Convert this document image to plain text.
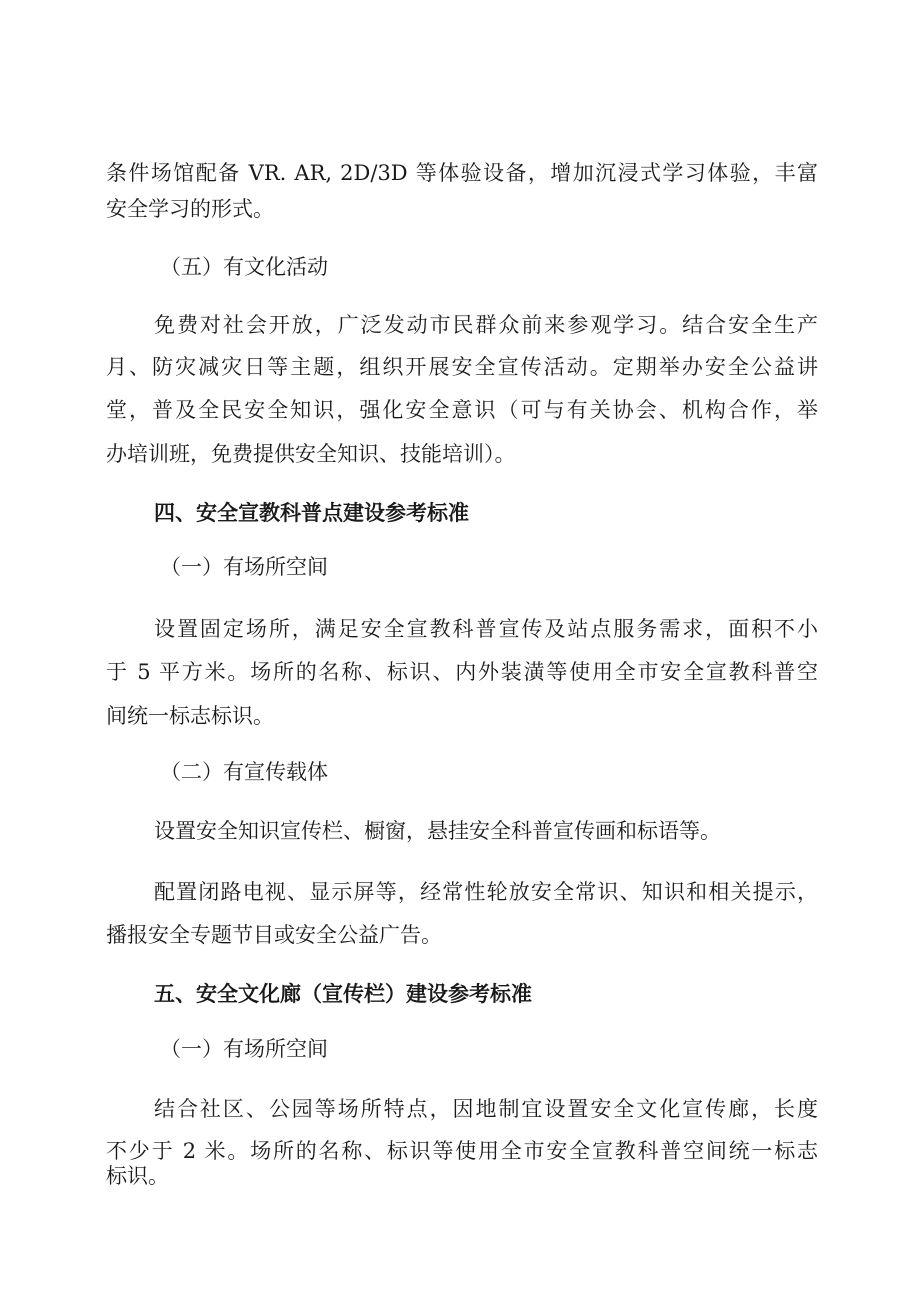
条件场馆配备 VR. AR, 2D/3D 等体验设备，增加沉浸式学习体验，丰富
安全学习的形式。
（五）有文化活动
免费对社会开放，广泛发动市民群众前来参观学习。结合安全生产
月、防灾减灾日等主题，组织开展安全宣传活动。定期举办安全公益讲
堂，普及全民安全知识，强化安全意识（可与有关协会、机构合作，举
办培训班，免费提供安全知识、技能培训）。
四、安全宣教科普点建设参考标准
（一）有场所空间
设置固定场所，满足安全宣教科普宣传及站点服务需求，面积不小
于 5 平方米。场所的名称、标识、内外装潢等使用全市安全宣教科普空
间统一标志标识。
（二）有宣传载体
设置安全知识宣传栏、橱窗，悬挂安全科普宣传画和标语等。
配置闭路电视、显示屏等，经常性轮放安全常识、知识和相关提示，
播报安全专题节目或安全公益广告。
五、安全文化廊（宣传栏）建设参考标准
（一）有场所空间
结合社区、公园等场所特点，因地制宜设置安全文化宣传廊，长度
不少于 2 米。场所的名称、标识等使用全市安全宣教科普空间统一标志
标识。
